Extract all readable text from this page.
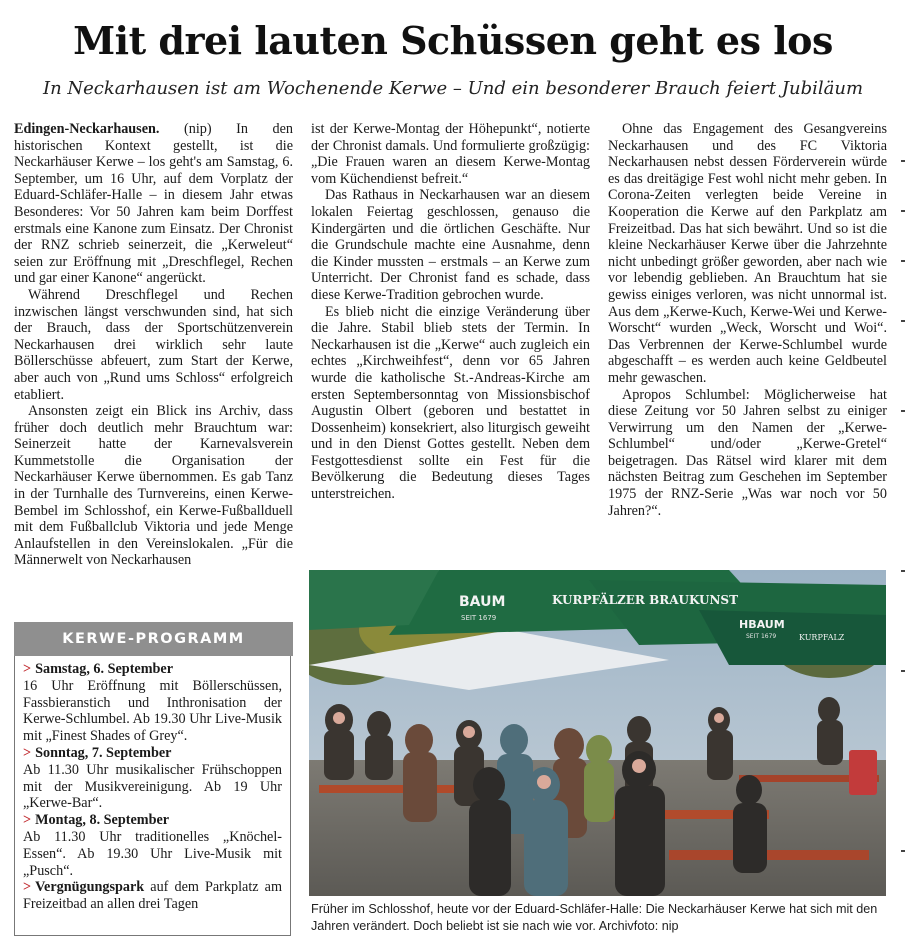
Mit drei lauten Schüssen geht es los
In Neckarhausen ist am Wochenende Kerwe – Und ein besonderer Brauch feiert Jubiläum

Edingen-Neckarhausen. (nip) In den historischen Kontext gestellt, ist die Neckarhäuser Kerwe – los geht's am Samstag, 6. September, um 16 Uhr, auf dem Vorplatz der Eduard-Schläfer-Halle – in diesem Jahr etwas Besonderes: Vor 50 Jahren kam beim Dorffest erstmals eine Kanone zum Einsatz. Der Chronist der RNZ schrieb seinerzeit, die „Kerweleut“ seien zur Eröffnung mit „Dreschflegel, Rechen und gar einer Kanone“ angerückt.

Während Dreschflegel und Rechen inzwischen längst verschwunden sind, hat sich der Brauch, dass der Sportschützenverein Neckarhausen drei wirklich sehr laute Böllerschüsse abfeuert, zum Start der Kerwe, aber auch von „Rund ums Schloss“ erfolgreich etabliert.

Ansonsten zeigt ein Blick ins Archiv, dass früher doch deutlich mehr Brauchtum war: Seinerzeit hatte der Karnevalsverein Kummetstolle die Organisation der Neckarhäuser Kerwe übernommen. Es gab Tanz in der Turnhalle des Turnvereins, einen Kerwe-Bembel im Schlosshof, ein Kerwe-Fußballduell mit dem Fußballclub Viktoria und jede Menge Anlaufstellen in den Vereinslokalen. „Für die Männerwelt von Neckarhausen

ist der Kerwe-Montag der Höhepunkt“, notierte der Chronist damals. Und formulierte großzügig: „Die Frauen waren an diesem Kerwe-Montag vom Küchendienst befreit.“

Das Rathaus in Neckarhausen war an diesem lokalen Feiertag geschlossen, genauso die Kindergärten und die örtlichen Geschäfte. Nur die Grundschule machte eine Ausnahme, denn die Kinder mussten – erstmals – an Kerwe zum Unterricht. Der Chronist fand es schade, dass diese Kerwe-Tradition gebrochen wurde.

Es blieb nicht die einzige Veränderung über die Jahre. Stabil blieb stets der Termin. In Neckarhausen ist die „Kerwe“ auch zugleich ein echtes „Kirchweihfest“, denn vor 65 Jahren wurde die katholische St.-Andreas-Kirche am ersten Septembersonntag von Missionsbischof Augustin Olbert (geboren und bestattet in Dossenheim) konsekriert, also liturgisch geweiht und in den Dienst Gottes gestellt. Neben dem Festgottesdienst sollte ein Fest für die Bevölkerung die Bedeutung dieses Tages unterstreichen.

Ohne das Engagement des Gesangvereins Neckarhausen und des FC Viktoria Neckarhausen nebst dessen Förderverein würde es das dreitägige Fest wohl nicht mehr geben. In Corona-Zeiten verlegten beide Vereine in Kooperation die Kerwe auf den Parkplatz am Freizeitbad. Das hat sich bewährt. Und so ist die kleine Neckarhäuser Kerwe über die Jahrzehnte nicht unbedingt größer geworden, aber nach wie vor lebendig geblieben. An Brauchtum hat sie gewiss einiges verloren, was nicht unnormal ist. Aus dem „Kerwe-Kuch, Kerwe-Wei und Kerwe-Worscht“ wurden „Weck, Worscht und Woi“. Das Verbrennen der Kerwe-Schlumbel wurde abgeschafft – es werden auch keine Geldbeutel mehr gewaschen.

Apropos Schlumbel: Möglicherweise hat diese Zeitung vor 50 Jahren selbst zu einiger Verwirrung um den Namen der „Kerwe-Schlumbel“ und/oder „Kerwe-Gretel“ beigetragen. Das Rätsel wird klarer mit dem nächsten Beitrag zum Geschehen im September 1975 der RNZ-Serie „Was war noch vor 50 Jahren?“.

KERWE-PROGRAMM
> Samstag, 6. September

16 Uhr Eröffnung mit Böllerschüssen, Fassbieranstich und Inthronisation der Kerwe-Schlumbel. Ab 19.30 Uhr Live-Musik mit „Finest Shades of Grey“.

> Sonntag, 7. September

Ab 11.30 Uhr musikalischer Frühschoppen mit der Musikvereinigung. Ab 19 Uhr „Kerwe-Bar“.

> Montag, 8. September

Ab 11.30 Uhr traditionelles „Knöchel-Essen“. Ab 19.30 Uhr Live-Musik mit „Pusch“.

> Vergnügungspark auf dem Parkplatz am Freizeitbad an allen drei Tagen
BAUM
SEIT 1679
KURPFÄLZER BRAUKUNST
HBAUM
SEIT 1679	KURPFALZ
Früher im Schlosshof, heute vor der Eduard-Schläfer-Halle: Die Neckarhäuser Kerwe hat sich mit den Jahren verändert. Doch beliebt ist sie nach wie vor. Archivfoto: nip
